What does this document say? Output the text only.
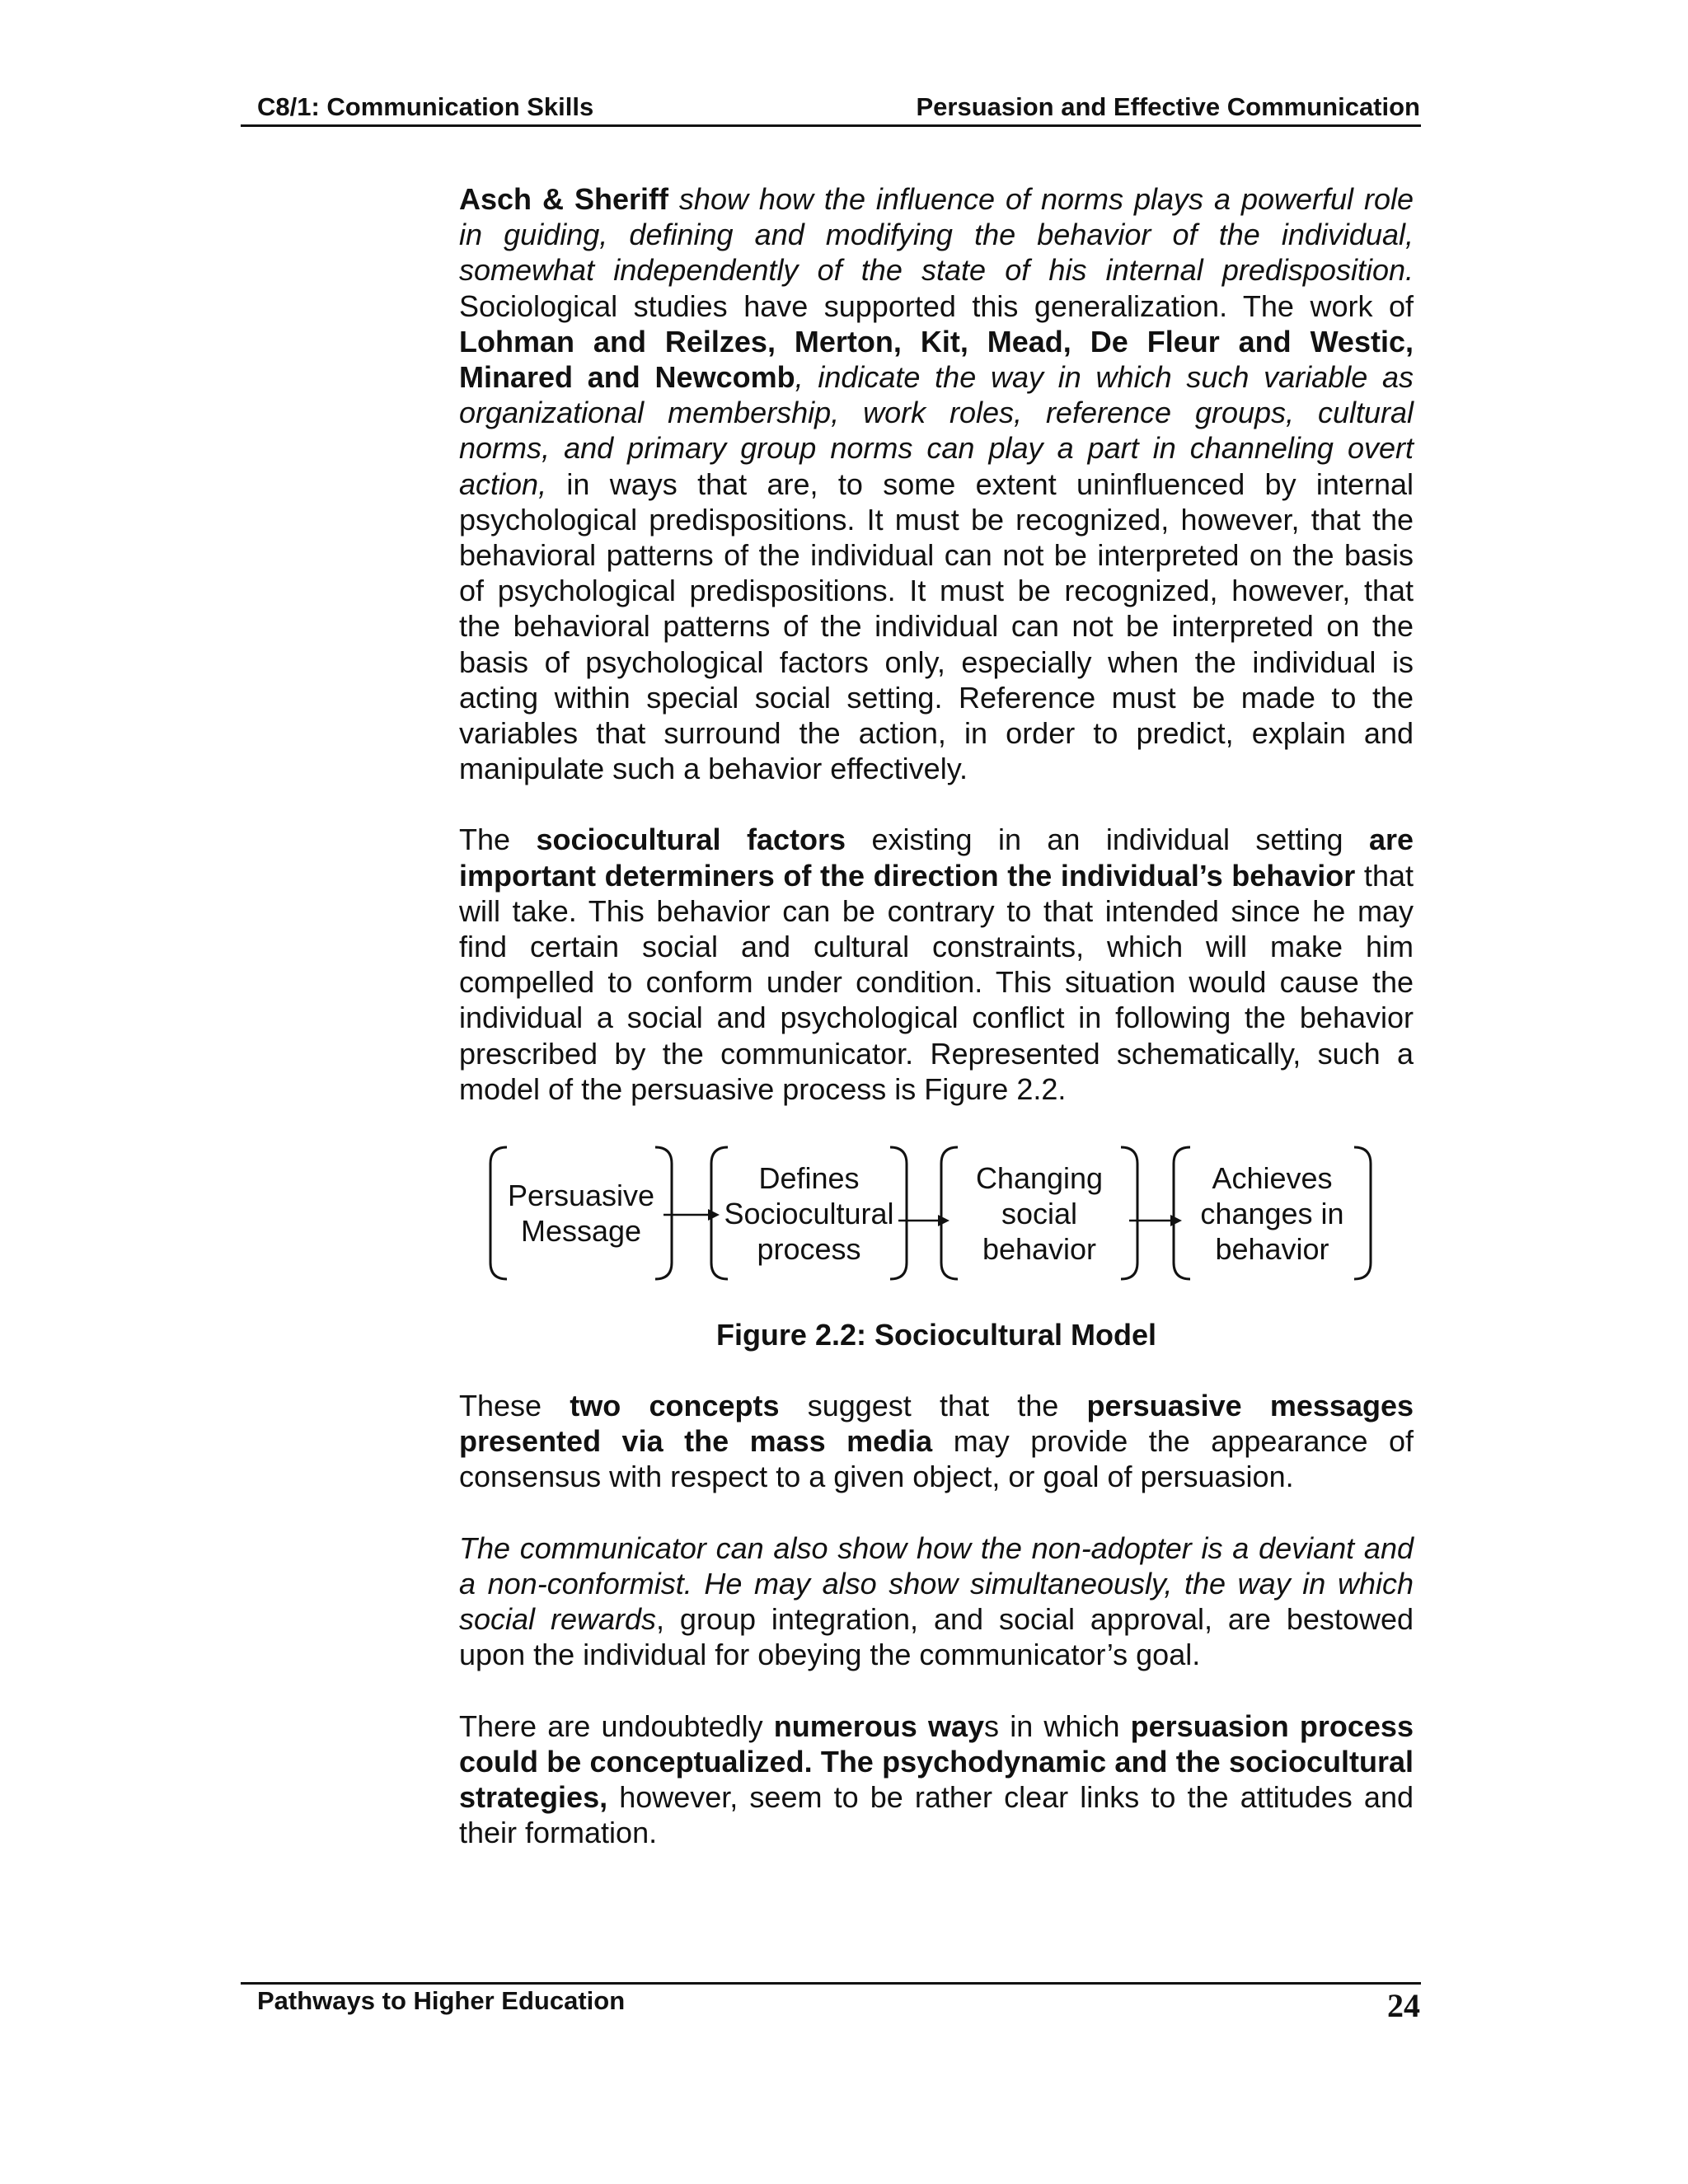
C8/1: Communication Skills	Persuasion and Effective Communication

Asch & Sheriff show how the influence of norms plays a powerful role in guiding, defining and modifying the behavior of the individual, somewhat independently of the state of his internal predisposition. Sociological studies have supported this generalization. The work of Lohman and Reilzes, Merton, Kit, Mead, De Fleur and Westic, Minared and Newcomb, indicate the way in which such variable as organizational membership, work roles, reference groups, cultural norms, and primary group norms can play a part in channeling overt action, in ways that are, to some extent uninfluenced by internal psychological predispositions. It must be recognized, however, that the behavioral patterns of the individual can not be interpreted on the basis of psychological predispositions. It must be recognized, however, that the behavioral patterns of the individual can not be interpreted on the basis of psychological factors only, especially when the individual is acting within special social setting. Reference must be made to the variables that surround the action, in order to predict, explain and manipulate such a behavior effectively.

The sociocultural factors existing in an individual setting are important determiners of the direction the individual’s behavior that will take. This behavior can be contrary to that intended since he may find certain social and cultural constraints, which will make him compelled to conform under condition. This situation would cause the individual a social and psychological conflict in following the behavior prescribed by the communicator. Represented schematically, such a model of the persuasive process is Figure 2.2.

Persuasive
Message
Defines
Sociocultural
process
Changing
social
behavior
Achieves
changes in
behavior
Figure 2.2: Sociocultural Model

These two concepts suggest that the persuasive messages presented via the mass media may provide the appearance of consensus with respect to a given object, or goal of persuasion.

The communicator can also show how the non-adopter is a deviant and a non-conformist. He may also show simultaneously, the way in which social rewards, group integration, and social approval, are bestowed upon the individual for obeying the communicator’s goal.

There are undoubtedly numerous ways in which persuasion process could be conceptualized. The psychodynamic and the sociocultural strategies, however, seem to be rather clear links to the attitudes and their formation.

Pathways to Higher Education	24
